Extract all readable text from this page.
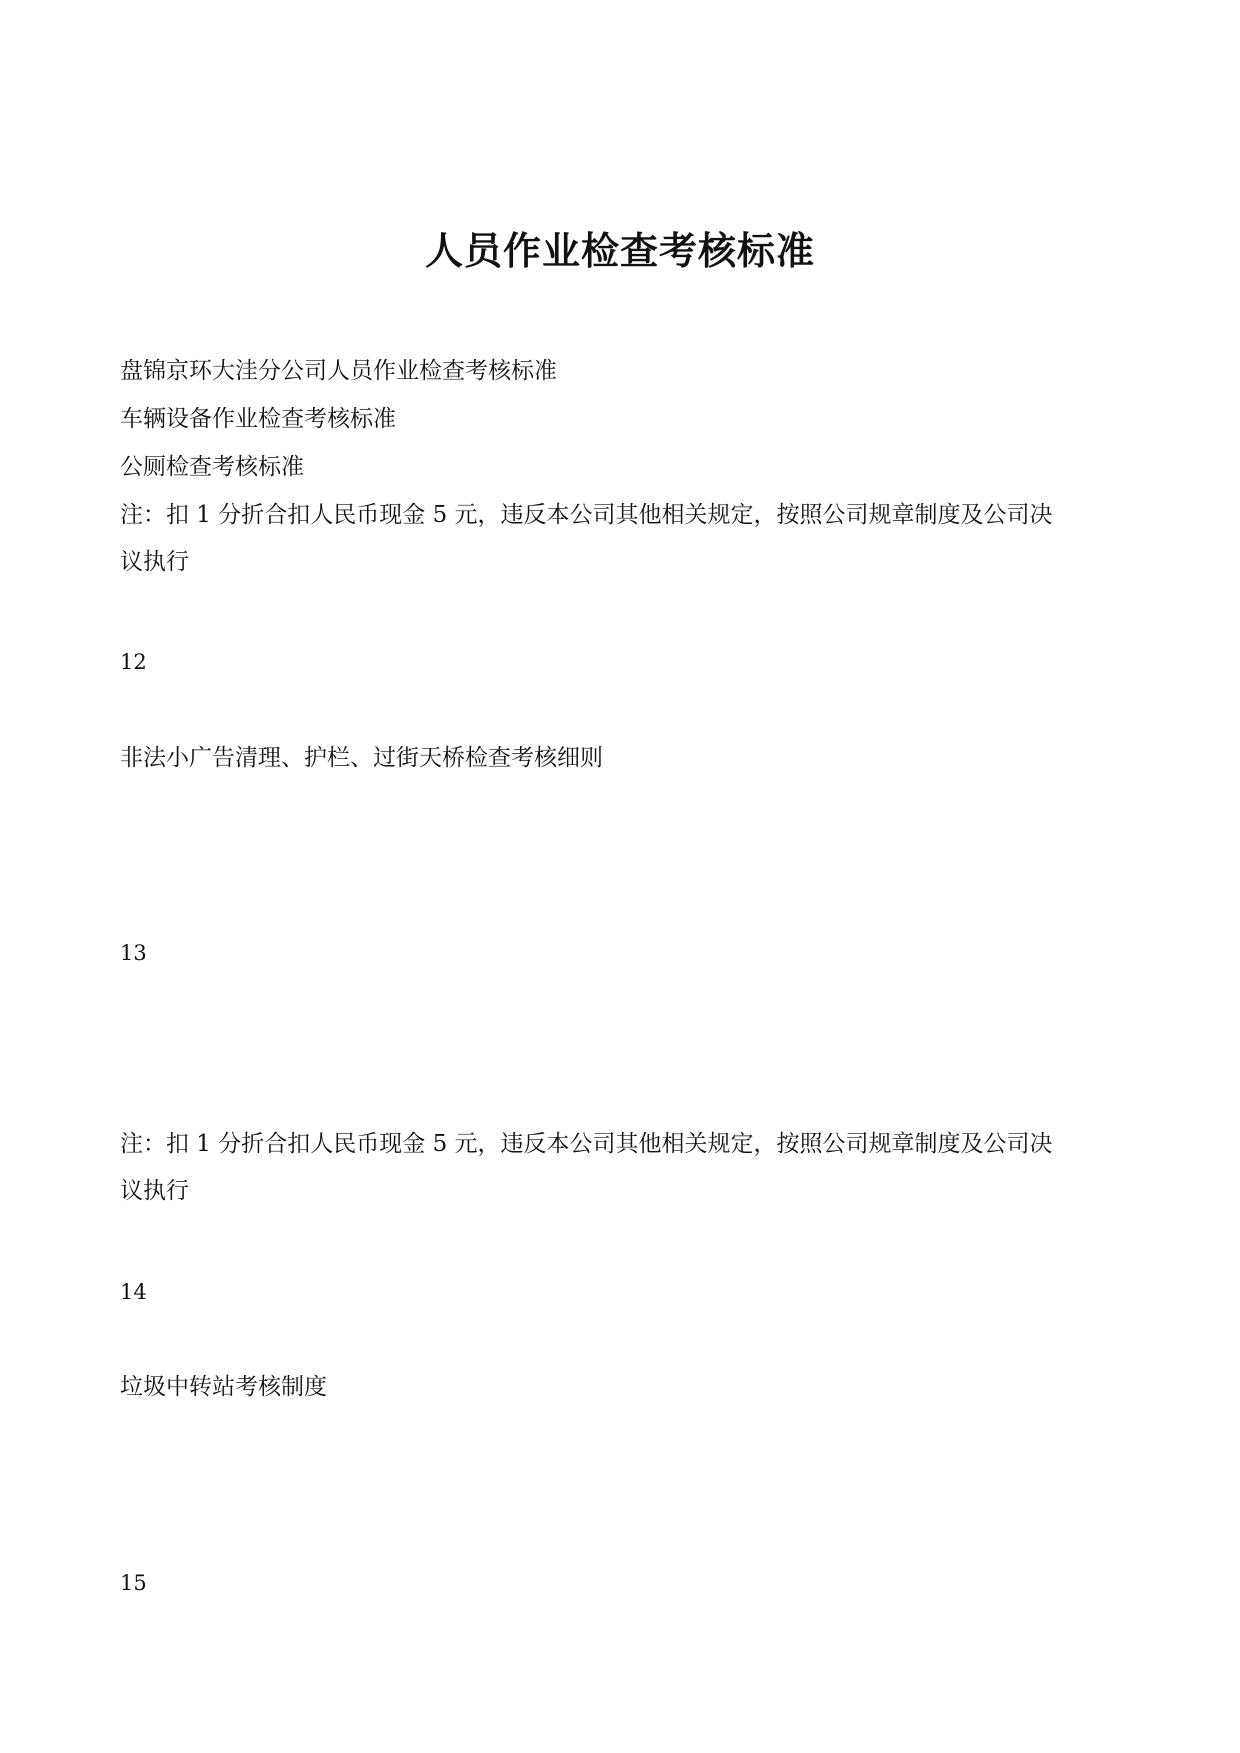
人员作业检查考核标准
盘锦京环大洼分公司人员作业检查考核标准
车辆设备作业检查考核标准
公厕检查考核标准
注：扣 1 分折合扣人民币现金 5 元，违反本公司其他相关规定，按照公司规章制度及公司决
议执行
12
非法小广告清理、护栏、过街天桥检查考核细则
13
注：扣 1 分折合扣人民币现金 5 元，违反本公司其他相关规定，按照公司规章制度及公司决
议执行
14
垃圾中转站考核制度
15
